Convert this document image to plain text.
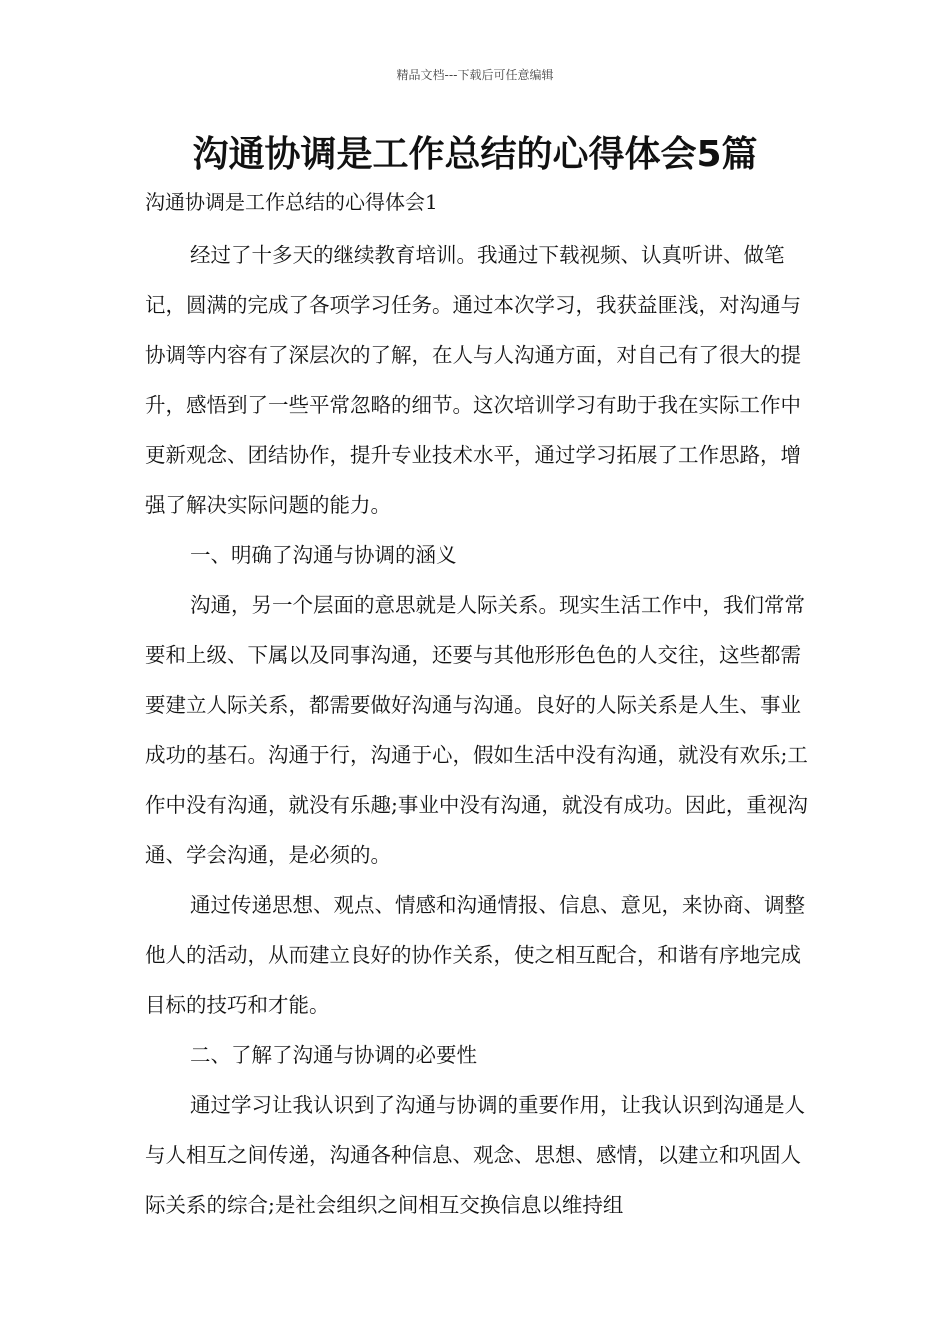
精品文档---下载后可任意编辑
沟通协调是工作总结的心得体会5篇

沟通协调是工作总结的心得体会1

经过了十多天的继续教育培训。我通过下载视频、认真听讲、做笔记，圆满的完成了各项学习任务。通过本次学习，我获益匪浅，对沟通与协调等内容有了深层次的了解，在人与人沟通方面，对自己有了很大的提升，感悟到了一些平常忽略的细节。这次培训学习有助于我在实际工作中更新观念、团结协作，提升专业技术水平，通过学习拓展了工作思路，增强了解决实际问题的能力。

一、明确了沟通与协调的涵义

沟通，另一个层面的意思就是人际关系。现实生活工作中，我们常常要和上级、下属以及同事沟通，还要与其他形形色色的人交往，这些都需要建立人际关系，都需要做好沟通与沟通。良好的人际关系是人生、事业成功的基石。沟通于行，沟通于心，假如生活中没有沟通，就没有欢乐;工作中没有沟通，就没有乐趣;事业中没有沟通，就没有成功。因此，重视沟通、学会沟通，是必须的。

通过传递思想、观点、情感和沟通情报、信息、意见，来协商、调整他人的活动，从而建立良好的协作关系，使之相互配合，和谐有序地完成目标的技巧和才能。

二、了解了沟通与协调的必要性

通过学习让我认识到了沟通与协调的重要作用，让我认识到沟通是人与人相互之间传递，沟通各种信息、观念、思想、感情，以建立和巩固人际关系的综合;是社会组织之间相互交换信息以维持组
